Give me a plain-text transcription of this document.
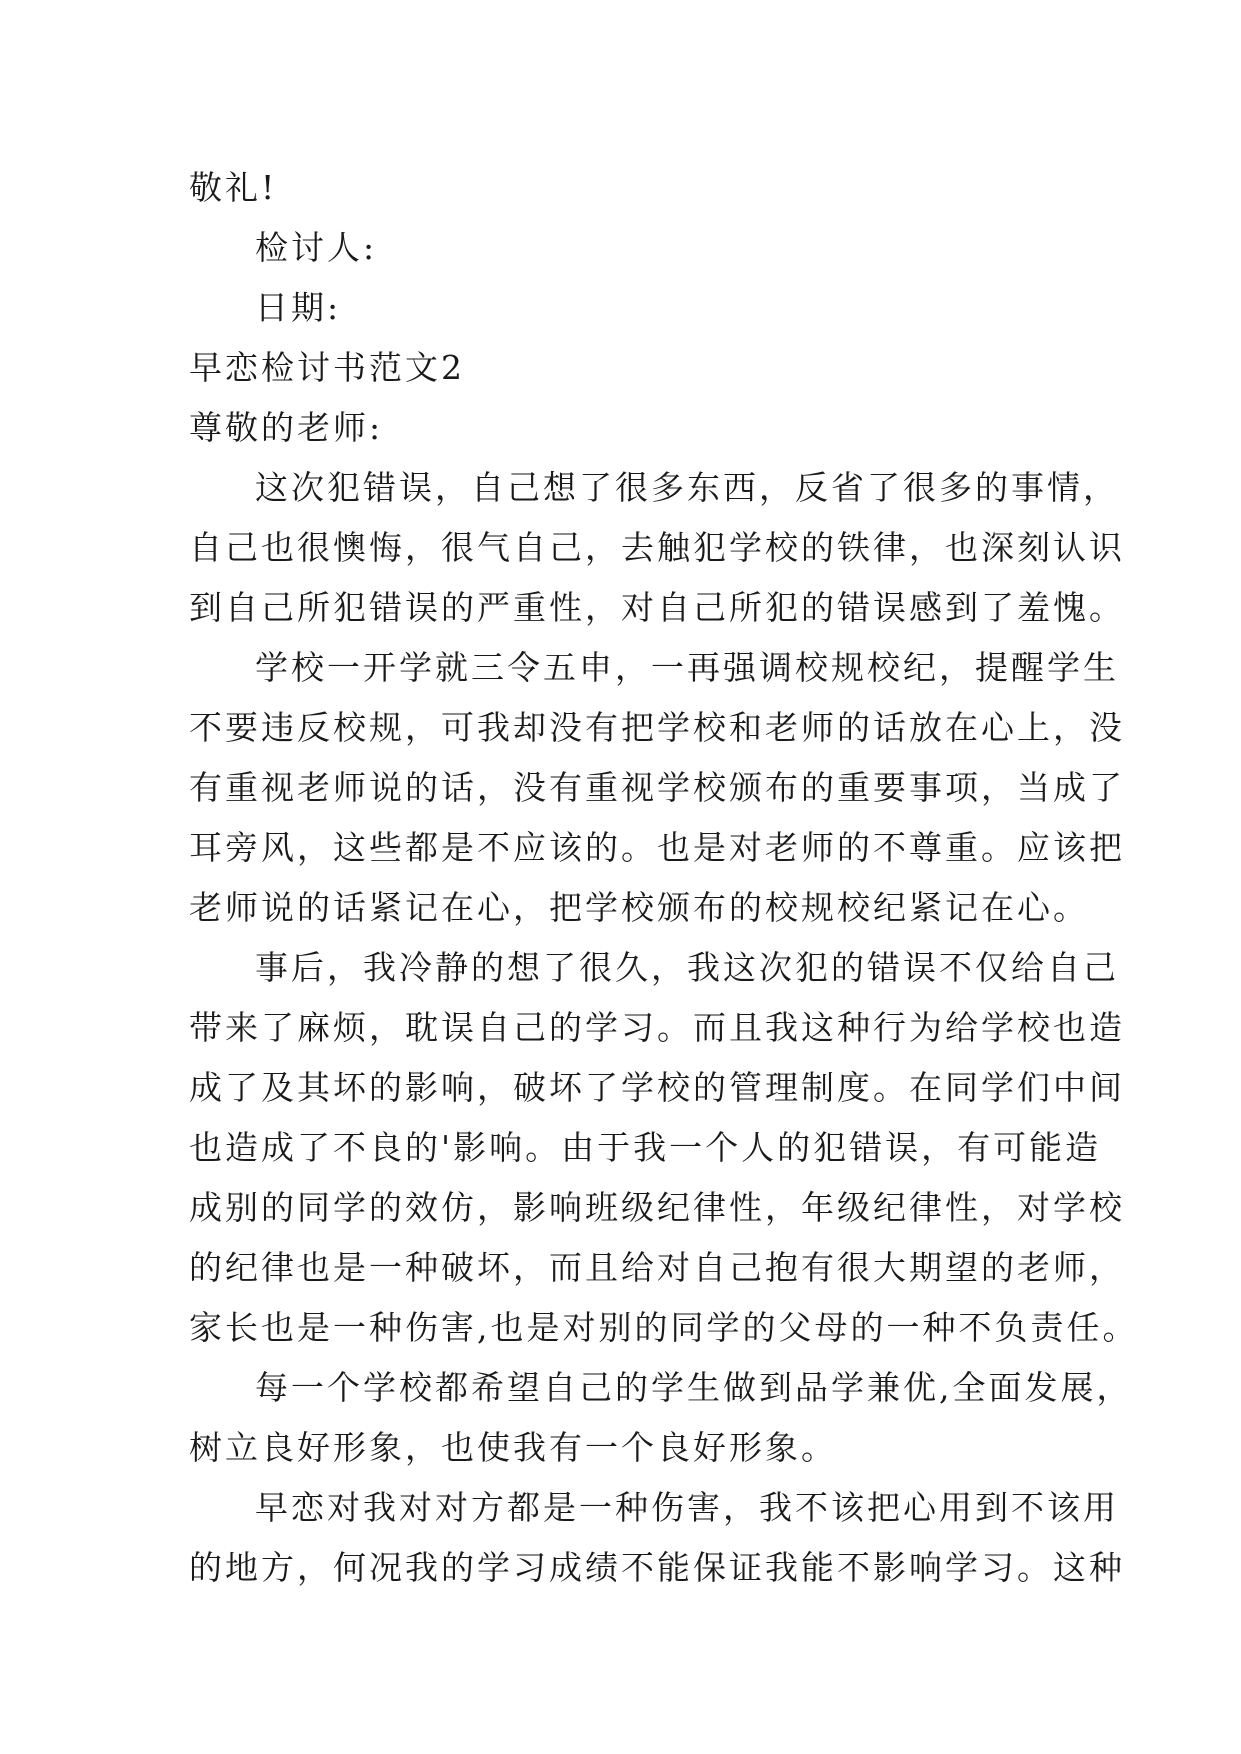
敬礼!
检讨人:
日期:
早恋检讨书范文2
尊敬的老师:
这次犯错误，自己想了很多东西，反省了很多的事情，
自己也很懊悔，很气自己，去触犯学校的铁律，也深刻认识
到自己所犯错误的严重性，对自己所犯的错误感到了羞愧。
学校一开学就三令五申，一再强调校规校纪，提醒学生
不要违反校规，可我却没有把学校和老师的话放在心上，没
有重视老师说的话，没有重视学校颁布的重要事项，当成了
耳旁风，这些都是不应该的。也是对老师的不尊重。应该把
老师说的话紧记在心，把学校颁布的校规校纪紧记在心。
事后，我冷静的想了很久，我这次犯的错误不仅给自己
带来了麻烦，耽误自己的学习。而且我这种行为给学校也造
成了及其坏的影响，破坏了学校的管理制度。在同学们中间
也造成了不良的'影响。由于我一个人的犯错误，有可能造
成别的同学的效仿，影响班级纪律性，年级纪律性，对学校
的纪律也是一种破坏，而且给对自己抱有很大期望的老师，
家长也是一种伤害,也是对别的同学的父母的一种不负责任。
每一个学校都希望自己的学生做到品学兼优,全面发展，
树立良好形象，也使我有一个良好形象。
早恋对我对对方都是一种伤害，我不该把心用到不该用
的地方，何况我的学习成绩不能保证我能不影响学习。这种
